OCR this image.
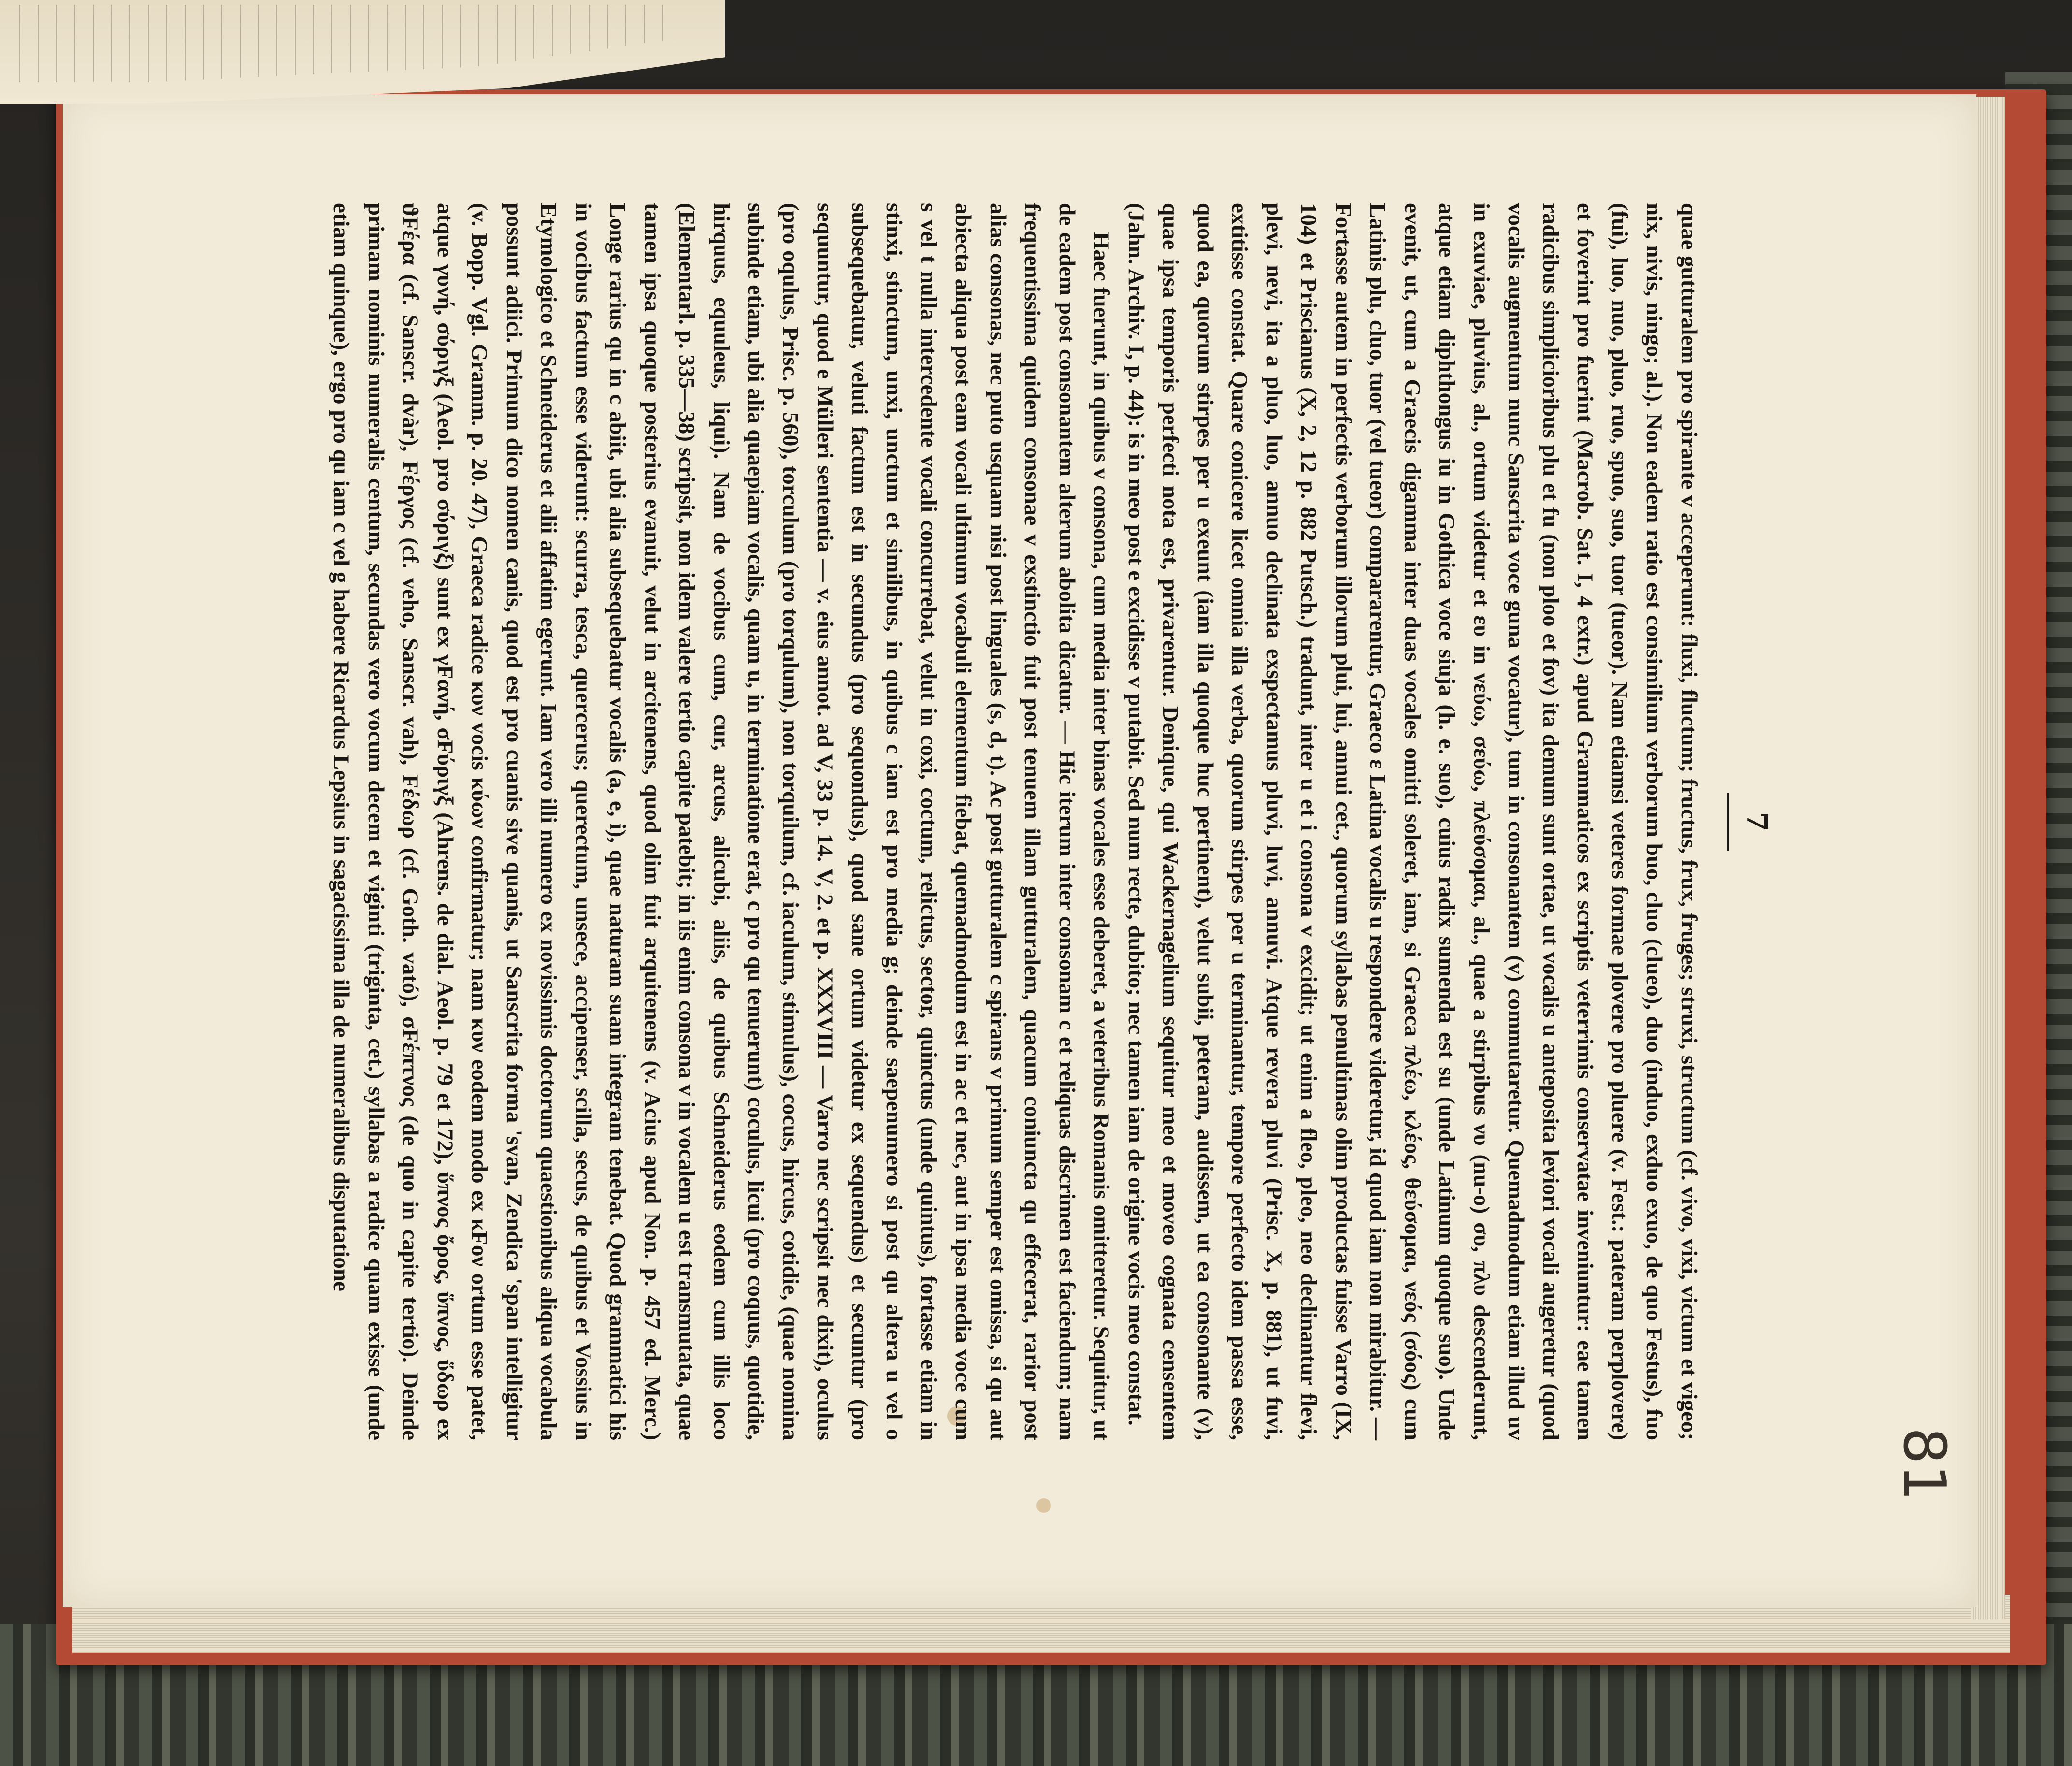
7

quae gutturalem pro spirante v acceperunt: fluxi, fluctum; fructus, frux, fruges; struxi, structum (cf. vivo, vixi, victum et vigeo; nix, nivis, ningo; al.). Non eadem ratio est consimilium verborum buo, cluo (clueo), duo (induo, exduo exuo, de quo Festus), fuo (fui), luo, nuo, pluo, ruo, spuo, suo, tuor (tueor). Nam etiamsi veteres formae plovere pro pluere (v. Fest.: pateram perplovere) et foverint pro fuerint (Macrob. Sat. I, 4 extr.) apud Grammaticos ex scriptis veterrimis conservatae inveniuntur: eae tamen radicibus simplicioribus plu et fu (non ploo et fov) ita demum sunt ortae, ut vocalis u anteposita leviori vocali augeretur (quod vocalis augmentum nunc Sanscrita voce guna vocatur), tum in consonantem (v) commutaretur. Quemadmodum etiam illud uv in exuviae, pluvius, al., ortum videtur et ευ in νεύω, σεύω, πλεύσομαι, al., quae a stirpibus νυ (nu-o) συ, πλυ descenderunt, atque etiam diphthongus iu in Gothica voce siuja (h. e. suo), cuius radix sumenda est su (unde Latinum quoque suo). Unde evenit, ut, cum a Graecis digamma inter duas vocales omitti soleret, iam, si Graeca πλέω, κλέος, θεύσομαι, νεός (σόος) cum Latinis plu, cluo, tuor (vel tueor) compararentur, Graeco ε Latina vocalis u respondere videretur, id quod iam non mirabitur. — Fortasse autem in perfectis verborum illorum plui, lui, annui cet., quorum syllabas penultimas olim productas fuisse Varro (IX, 104) et Priscianus (X, 2, 12 p. 882 Putsch.) tradunt, inter u et i consona v excidit; ut enim a fleo, pleo, neo declinantur flevi, plevi, nevi, ita a pluo, luo, annuo declinata exspectamus pluvi, luvi, annuvi. Atque revera pluvi (Prisc. X, p. 881), ut fuvi, extitisse constat. Quare conicere licet omnia illa verba, quorum stirpes per u terminantur, tempore perfecto idem passa esse, quod ea, quorum stirpes per u exeunt (iam illa quoque huc pertinent), velut subii, peteram, audissem, ut ea consonante (v), quae ipsa temporis perfecti nota est, privarentur. Denique, qui Wackernagelium sequitur meo et moveo cognata censentem (Jahn. Archiv. I, p. 44): is in meo post e excidisse v putabit. Sed num recte, dubito; nec tamen iam de origine vocis meo constat.

Haec fuerunt, in quibus v consona, cum media inter binas vocales esse deberet, a veteribus Romanis omitteretur. Sequitur, ut de eadem post consonantem alterum abolita dicatur. — Hic iterum inter consonam c et reliquas discrimen est faciendum; nam frequentissima quidem consonae v exstinctio fuit post tenuem illam gutturalem, quacum coniuncta qu effecerat, rarior post alias consonas, nec puto usquam nisi post linguales (s, d, t). Ac post gutturalem c spirans v primum semper est omissa, si qu aut abiecta aliqua post eam vocali ultimum vocabuli elementum fiebat, quemadmodum est in ac et nec, aut in ipsa media voce cum s vel t nulla intercedente vocali concurrebat, velut in coxi, coctum, relictus, sector, quinctus (unde quintus), fortasse etiam in stinxi, stinctum, unxi, unctum et similibus, in quibus c iam est pro media g; deinde saepenumero si post qu altera u vel o subsequebatur, veluti factum est in secundus (pro sequondus), quod sane ortum videtur ex sequendus) et secuntur (pro sequuntur, quod e Mülleri sententia — v. eius annot. ad V, 33 p. 14. V, 2. et p. XXXVIII — Varro nec scripsit nec dixit), oculus (pro oqulus, Prisc. p. 560), torculum (pro torqulum), non torquilum, cf. iaculum, stimulus), cocus, hircus, cotidie, (quae nomina subinde etiam, ubi alia quaepiam vocalis, quam u, in terminatione erat, c pro qu tenuerunt) coculus, licui (pro coquus, quotidie, hirquus, equuleus, liqui). Nam de vocibus cum, cur, arcus, alicubi, aliis, de quibus Schneiderus eodem cum illis loco (Elementarl. p. 335—38) scripsit, non idem valere tertio capite patebit; in iis enim consona v in vocalem u est transmutata, quae tamen ipsa quoque posterius evanuit, velut in arcitenens, quod olim fuit arquitenens (v. Acius apud Non. p. 457 ed. Merc.) Longe rarius qu in c abiit, ubi alia subsequebatur vocalis (a, e, i), quae naturam suam integram tenebat. Quod grammatici his in vocibus factum esse viderunt: scurra, tesca, quercerus; querectum, unsece, accipenser, scilla, secus, de quibus et Vossius in Etymologico et Schneiderus et alii affatim egerunt. Iam vero illi numero ex novissimis doctorum quaestionibus aliqua vocabula possunt adiici. Primum dico nomen canis, quod est pro cuanis sive quanis, ut Sanscrita forma 'svan, Zendica 'span intelligitur (v. Bopp. Vgl. Gramm. p. 20. 47), Graeca radice κυν vocis κύων confirmatur; nam κυν eodem modo ex κFον ortum esse patet, atque γυνή, σύριγξ (Aeol. pro σύριγξ) sunt ex γFανή, σFύριγξ (Ahrens. de dial. Aeol. p. 79 et 172), ὕπνος ὄρος, ὕπνος, ὕδωρ ex ϑFέρα (cf. Sanscr. dvàr), Fέργος (cf. veho, Sanscr. vah), Fέδωρ (cf. Goth. vató), σFέπτνος (de quo in capite tertio). Deinde primam nominis numeralis centum, secundas vero vocum decem et viginti (triginta, cet.) syllabas a radice quam exisse (unde etiam quinque), ergo pro qu iam c vel g habere Ricardus Lepsius in sagacissima illa de numeralibus disputatione

81
